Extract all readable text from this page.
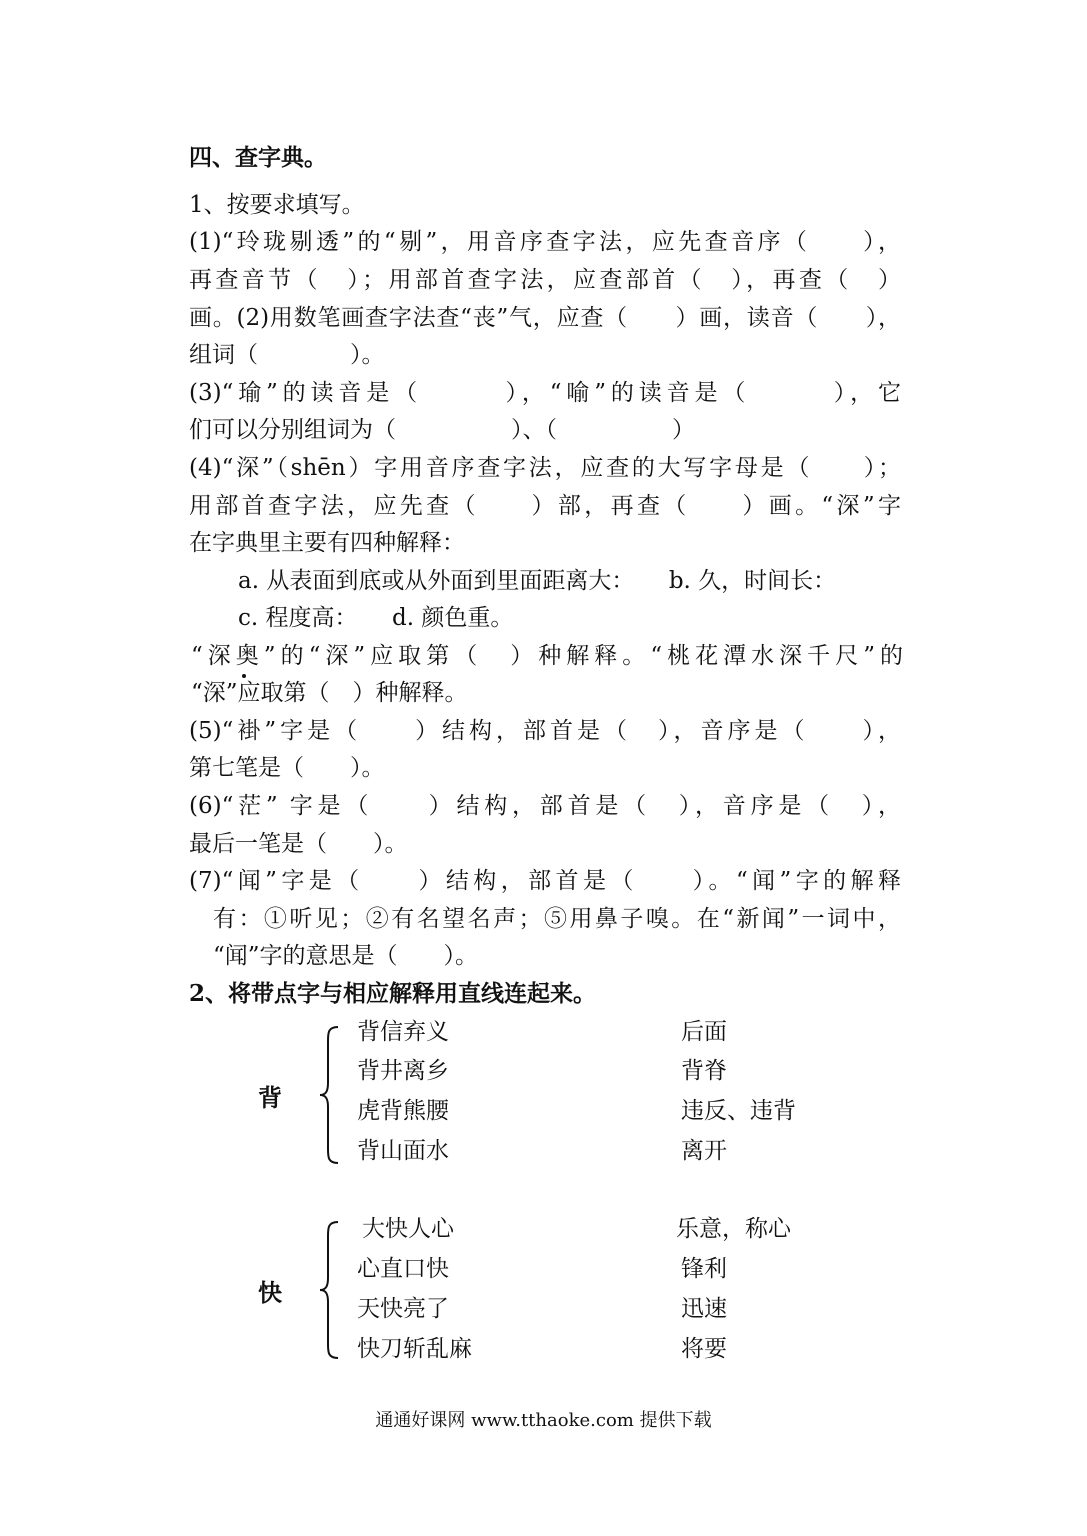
四、查字典。
1、按要求填写。
(1)“玲珑剔透”的“剔”，用音序查字法，应先查音序（　　），
再查音节（　）；用部首查字法，应查部首（　），再查（　）
画。(2)用数笔画查字法查“丧”气，应查（　　）画，读音（　　），
组词（　　　　）。
(3)“瑜”的读音是（　　　），“喻”的读音是（　　　），它
们可以分别组词为（　　　　　）、（　　　　　）
(4)“深”（shēn）字用音序查字法，应查的大写字母是（　　）；
用部首查字法，应先查（　　）部，再查（　　）画。“深”字
在字典里主要有四种解释：
a. 从表面到底或从外面到里面距离大：　　b. 久，时间长：
c. 程度高：　　d. 颜色重。
“深奥”的“深”应取第（　）种解释。“桃花潭水深千尺”的
“深”应取第（　）种解释。
(5)“褂”字是（　　）结构，部首是（　），音序是（　　），
第七笔是（　　）。
(6)“茫” 字是（　　）结构，部首是（　），音序是（　），
最后一笔是（　　）。
(7)“闻”字是（　　）结构，部首是（　　）。“闻”字的解释
有：①听见；②有名望名声；⑤用鼻子嗅。在“新闻”一词中，
“闻”字的意思是（　　）。
2、将带点字与相应解释用直线连起来。
背
背信弃义
背井离乡
虎背熊腰
背山面水
后面
背脊
违反、违背
离开
快
大快人心
心直口快
天快亮了
快刀斩乱麻
乐意，称心
锋利
迅速
将要
通通好课网 www.tthaoke.com 提供下载
